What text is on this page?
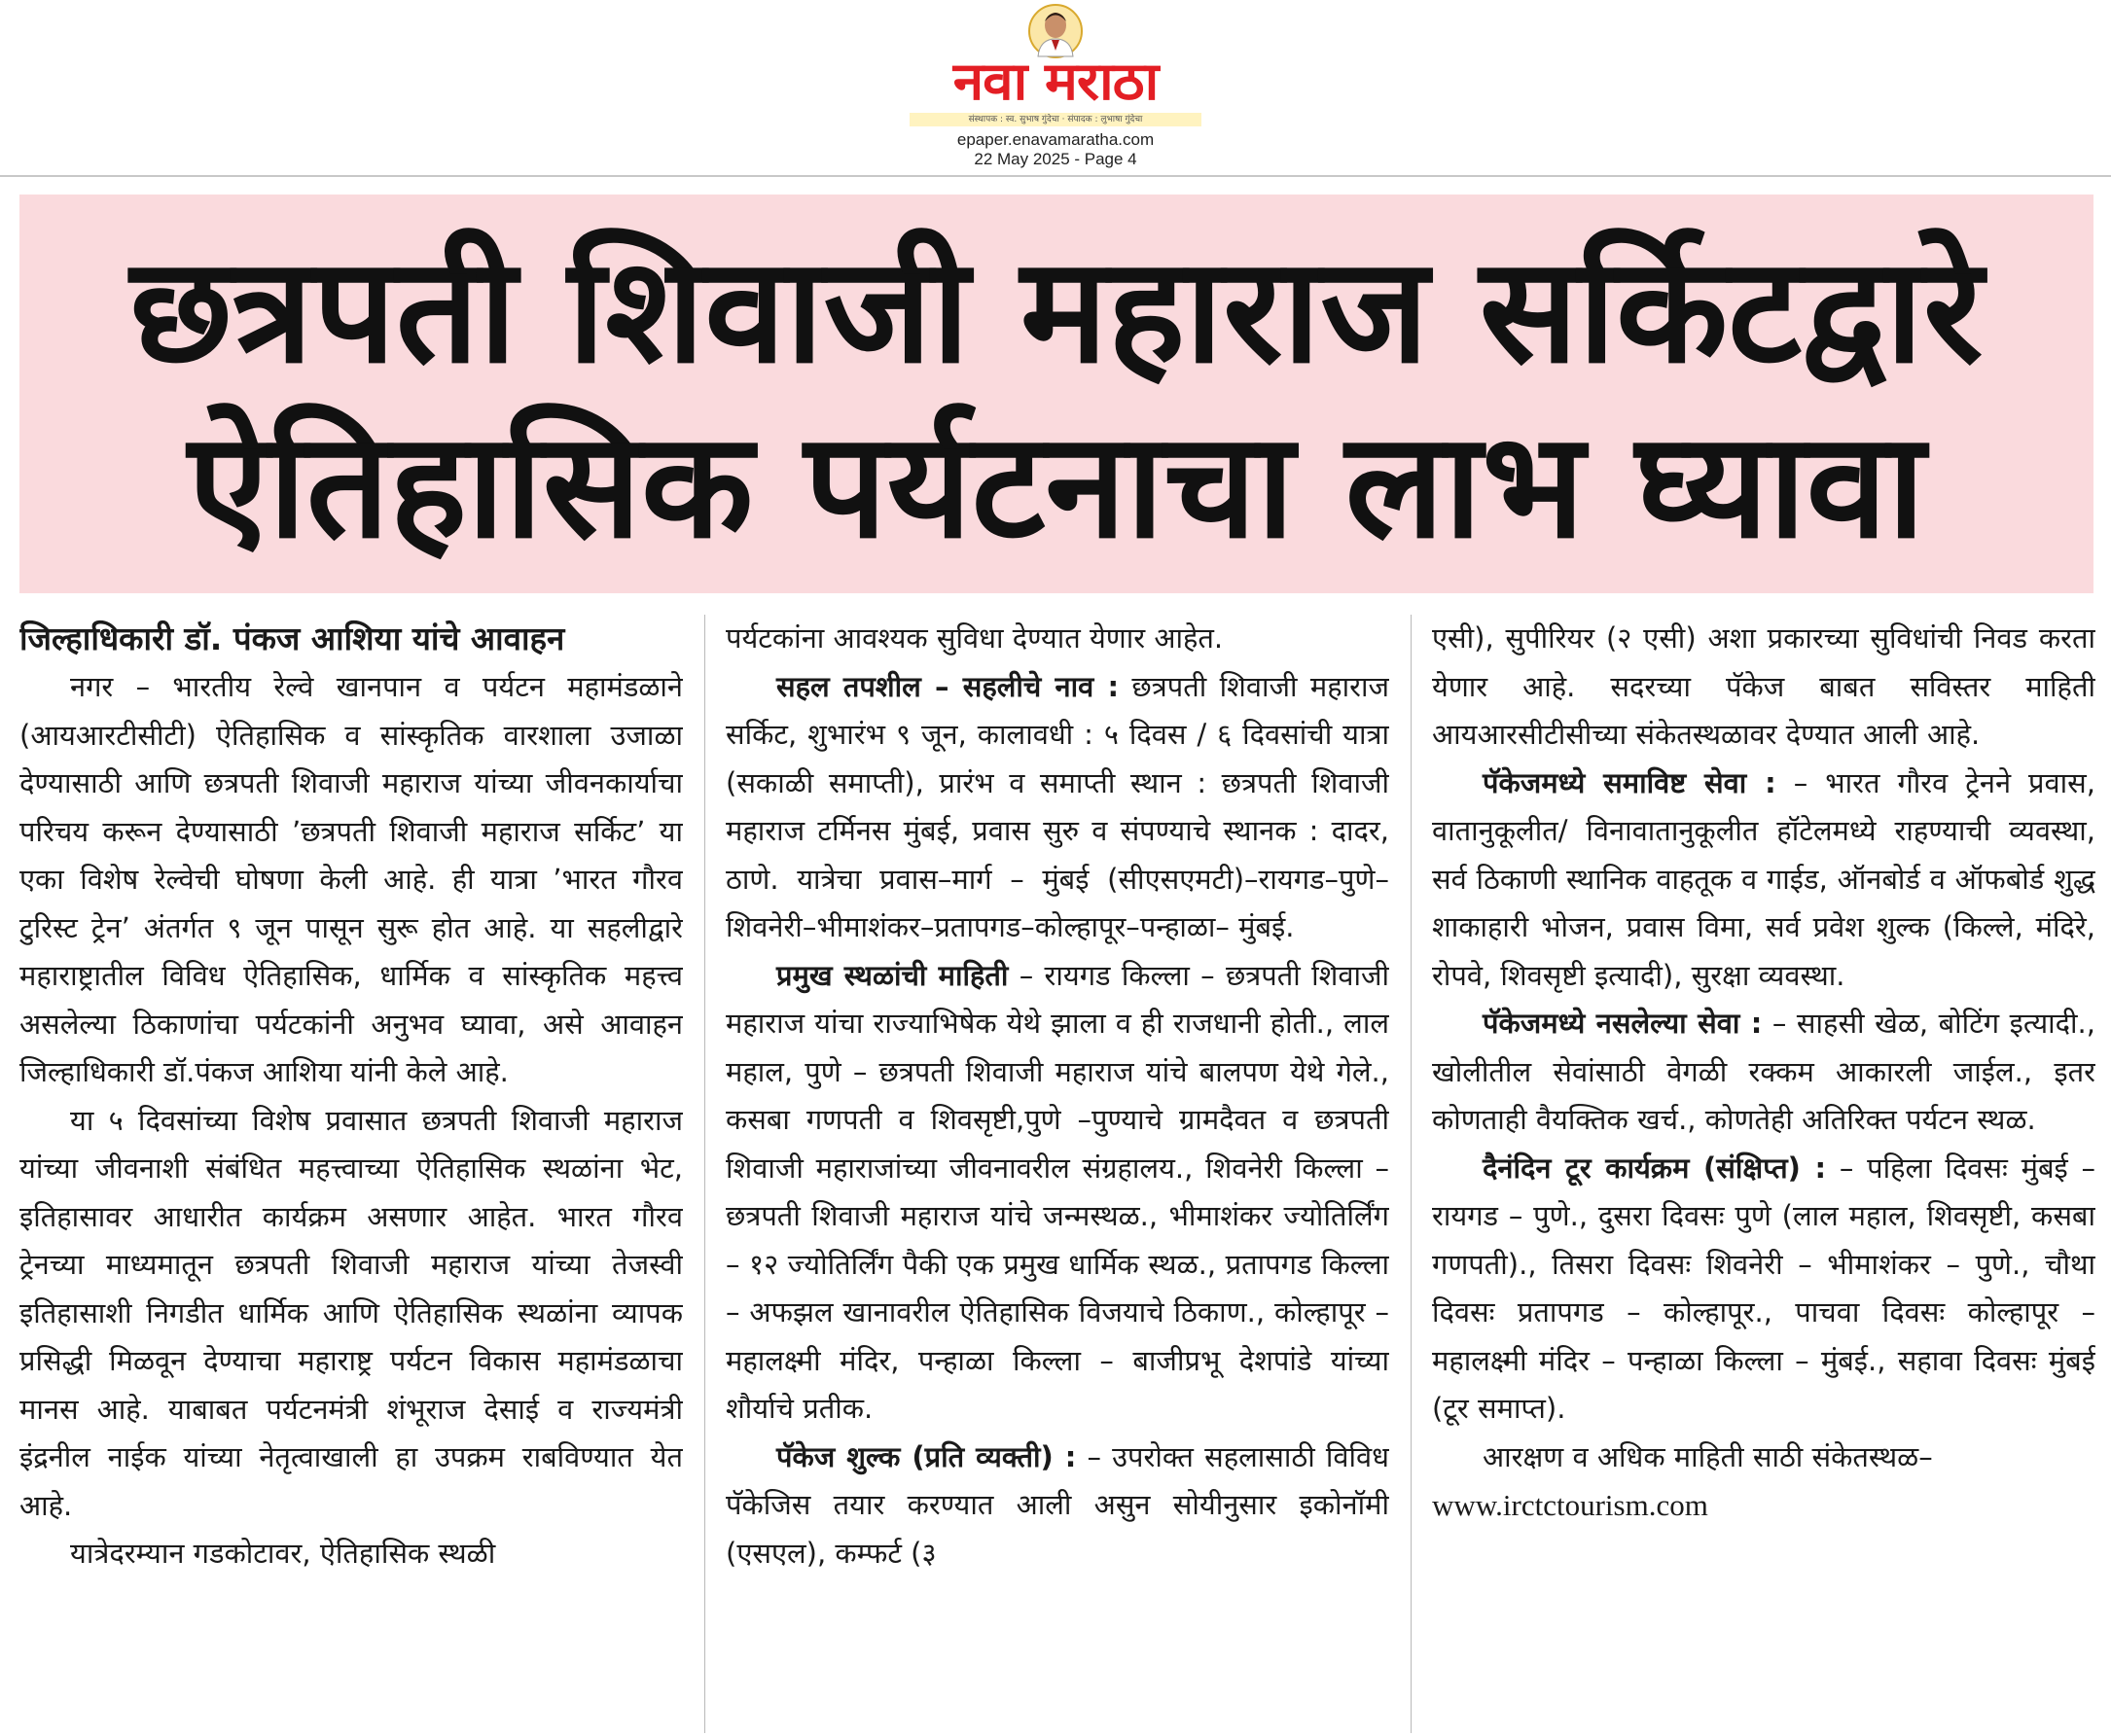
नवा मराठा
संस्थापक : स्व. सुभाष गुंदेचा · संपादक : लुभाषा गुंदेचा
epaper.enavamaratha.com
22 May 2025 - Page 4
छत्रपती शिवाजी महाराज सर्किटद्वारे
ऐतिहासिक पर्यटनाचा लाभ घ्यावा

जिल्हाधिकारी डॉ. पंकज आशिया यांचे आवाहन

नगर – भारतीय रेल्वे खानपान व पर्यटन महामंडळाने (आयआरटीसीटी) ऐतिहासिक व सांस्कृतिक वारशाला उजाळा देण्यासाठी आणि छत्रपती शिवाजी महाराज यांच्या जीवनकार्याचा परिचय करून देण्यासाठी ’छत्रपती शिवाजी महाराज सर्किट’ या एका विशेष रेल्वेची घोषणा केली आहे. ही यात्रा ’भारत गौरव टुरिस्ट ट्रेन’ अंतर्गत ९ जून पासून सुरू होत आहे. या सहलीद्वारे महाराष्ट्रातील विविध ऐतिहासिक, धार्मिक व सांस्कृतिक महत्त्व असलेल्या ठिकाणांचा पर्यटकांनी अनुभव घ्यावा, असे आवाहन जिल्हाधिकारी डॉ.पंकज आशिया यांनी केले आहे.

या ५ दिवसांच्या विशेष प्रवासात छत्रपती शिवाजी महाराज यांच्या जीवनाशी संबंधित महत्त्वाच्या ऐतिहासिक स्थळांना भेट, इतिहासावर आधारीत कार्यक्रम असणार आहेत. भारत गौरव ट्रेनच्या माध्यमातून छत्रपती शिवाजी महाराज यांच्या तेजस्वी इतिहासाशी निगडीत धार्मिक आणि ऐतिहासिक स्थळांना व्यापक प्रसिद्धी मिळवून देण्याचा महाराष्ट्र पर्यटन विकास महामंडळाचा मानस आहे. याबाबत पर्यटनमंत्री शंभूराज देसाई व राज्यमंत्री इंद्रनील नाईक यांच्या नेतृत्वाखाली हा उपक्रम राबविण्यात येत आहे.

यात्रेदरम्यान गडकोटावर, ऐतिहासिक स्थळी

पर्यटकांना आवश्यक सुविधा देण्यात येणार आहेत.

सहल तपशील – सहलीचे नाव : छत्रपती शिवाजी महाराज सर्किट, शुभारंभ ९ जून, कालावधी : ५ दिवस / ६ दिवसांची यात्रा (सकाळी समाप्ती), प्रारंभ व समाप्ती स्थान : छत्रपती शिवाजी महाराज टर्मिनस मुंबई, प्रवास सुरु व संपण्याचे स्थानक : दादर, ठाणे. यात्रेचा प्रवास–मार्ग – मुंबई (सीएसएमटी)–रायगड–पुणे–शिवनेरी–भीमाशंकर–प्रतापगड–कोल्हापूर–पन्हाळा– मुंबई.

प्रमुख स्थळांची माहिती – रायगड किल्ला – छत्रपती शिवाजी महाराज यांचा राज्याभिषेक येथे झाला व ही राजधानी होती., लाल महाल, पुणे – छत्रपती शिवाजी महाराज यांचे बालपण येथे गेले., कसबा गणपती व शिवसृष्टी,पुणे –पुण्याचे ग्रामदैवत व छत्रपती शिवाजी महाराजांच्या जीवनावरील संग्रहालय., शिवनेरी किल्ला – छत्रपती शिवाजी महाराज यांचे जन्मस्थळ., भीमाशंकर ज्योतिर्लिंग – १२ ज्योतिर्लिंग पैकी एक प्रमुख धार्मिक स्थळ., प्रतापगड किल्ला – अफझल खानावरील ऐतिहासिक विजयाचे ठिकाण., कोल्हापूर – महालक्ष्मी मंदिर, पन्हाळा किल्ला – बाजीप्रभू देशपांडे यांच्या शौर्याचे प्रतीक.

पॅकेज शुल्क (प्रति व्यक्ती) : – उपरोक्त सहलासाठी विविध पॅकेजिस तयार करण्यात आली असुन सोयीनुसार इकोनॉमी (एसएल), कम्फर्ट (३

एसी), सुपीरियर (२ एसी) अशा प्रकारच्या सुविधांची निवड करता येणार आहे. सदरच्या पॅकेज बाबत सविस्तर माहिती आयआरसीटीसीच्या संकेतस्थळावर देण्यात आली आहे.

पॅकेजमध्ये समाविष्ट सेवा : – भारत गौरव ट्रेनने प्रवास, वातानुकूलीत/ विनावातानुकूलीत हॉटेलमध्ये राहण्याची व्यवस्था, सर्व ठिकाणी स्थानिक वाहतूक व गाईड, ऑनबोर्ड व ऑफबोर्ड शुद्ध शाकाहारी भोजन, प्रवास विमा, सर्व प्रवेश शुल्क (किल्ले, मंदिरे, रोपवे, शिवसृष्टी इत्यादी), सुरक्षा व्यवस्था.

पॅकेजमध्ये नसलेल्या सेवा : – साहसी खेळ, बोटिंग इत्यादी., खोलीतील सेवांसाठी वेगळी रक्कम आकारली जाईल., इतर कोणताही वैयक्तिक खर्च., कोणतेही अतिरिक्त पर्यटन स्थळ.

दैनंदिन टूर कार्यक्रम (संक्षिप्त) : – पहिला दिवसः मुंबई – रायगड – पुणे., दुसरा दिवसः पुणे (लाल महाल, शिवसृष्टी, कसबा गणपती)., तिसरा दिवसः शिवनेरी – भीमाशंकर – पुणे., चौथा दिवसः प्रतापगड – कोल्हापूर., पाचवा दिवसः कोल्हापूर – महालक्ष्मी मंदिर – पन्हाळा किल्ला – मुंबई., सहावा दिवसः मुंबई (टूर समाप्त).

आरक्षण व अधिक माहिती साठी संकेतस्थळ–

www.irctctourism.com
